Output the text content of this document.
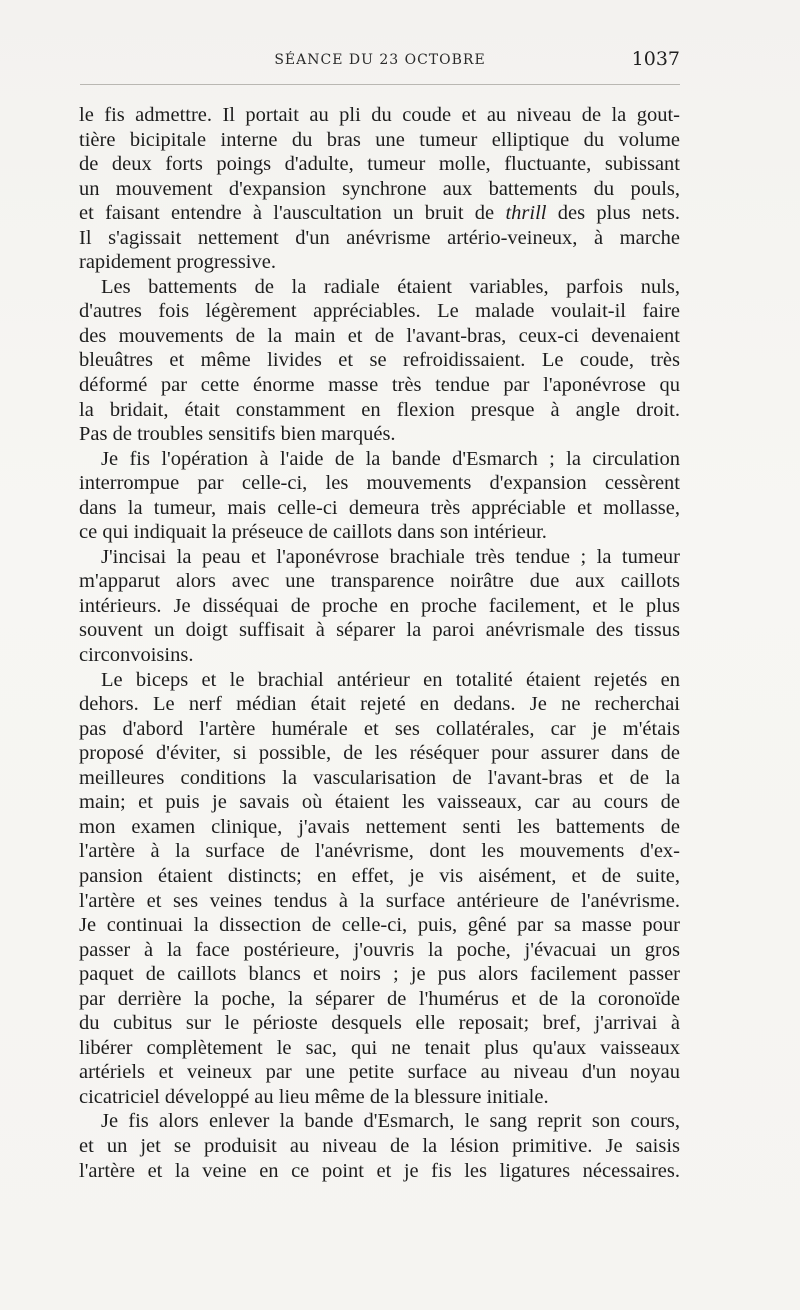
SÉANCE DU 23 OCTOBRE	1037
le fis admettre. Il portait au pli du coude et au niveau de la gout-
tière bicipitale interne du bras une tumeur elliptique du volume
de deux forts poings d'adulte, tumeur molle, fluctuante, subissant
un mouvement d'expansion synchrone aux battements du pouls,
et faisant entendre à l'auscultation un bruit de thrill des plus nets.
Il s'agissait nettement d'un anévrisme artério-veineux, à marche
rapidement progressive.
Les battements de la radiale étaient variables, parfois nuls,
d'autres fois légèrement appréciables. Le malade voulait-il faire
des mouvements de la main et de l'avant-bras, ceux-ci devenaient
bleuâtres et même livides et se refroidissaient. Le coude, très
déformé par cette énorme masse très tendue par l'aponévrose qu
la bridait, était constamment en flexion presque à angle droit.
Pas de troubles sensitifs bien marqués.
Je fis l'opération à l'aide de la bande d'Esmarch ; la circulation
interrompue par celle-ci, les mouvements d'expansion cessèrent
dans la tumeur, mais celle-ci demeura très appréciable et mollasse,
ce qui indiquait la préseuce de caillots dans son intérieur.
J'incisai la peau et l'aponévrose brachiale très tendue ; la tumeur
m'apparut alors avec une transparence noirâtre due aux caillots
intérieurs. Je disséquai de proche en proche facilement, et le plus
souvent un doigt suffisait à séparer la paroi anévrismale des tissus
circonvoisins.
Le biceps et le brachial antérieur en totalité étaient rejetés en
dehors. Le nerf médian était rejeté en dedans. Je ne recherchai
pas d'abord l'artère humérale et ses collatérales, car je m'étais
proposé d'éviter, si possible, de les réséquer pour assurer dans de
meilleures conditions la vascularisation de l'avant-bras et de la
main; et puis je savais où étaient les vaisseaux, car au cours de
mon examen clinique, j'avais nettement senti les battements de
l'artère à la surface de l'anévrisme, dont les mouvements d'ex-
pansion étaient distincts; en effet, je vis aisément, et de suite,
l'artère et ses veines tendus à la surface antérieure de l'anévrisme.
Je continuai la dissection de celle-ci, puis, gêné par sa masse pour
passer à la face postérieure, j'ouvris la poche, j'évacuai un gros
paquet de caillots blancs et noirs ; je pus alors facilement passer
par derrière la poche, la séparer de l'humérus et de la coronoïde
du cubitus sur le périoste desquels elle reposait; bref, j'arrivai à
libérer complètement le sac, qui ne tenait plus qu'aux vaisseaux
artériels et veineux par une petite surface au niveau d'un noyau
cicatriciel développé au lieu même de la blessure initiale.
Je fis alors enlever la bande d'Esmarch, le sang reprit son cours,
et un jet se produisit au niveau de la lésion primitive. Je saisis
l'artère et la veine en ce point et je fis les ligatures nécessaires.
